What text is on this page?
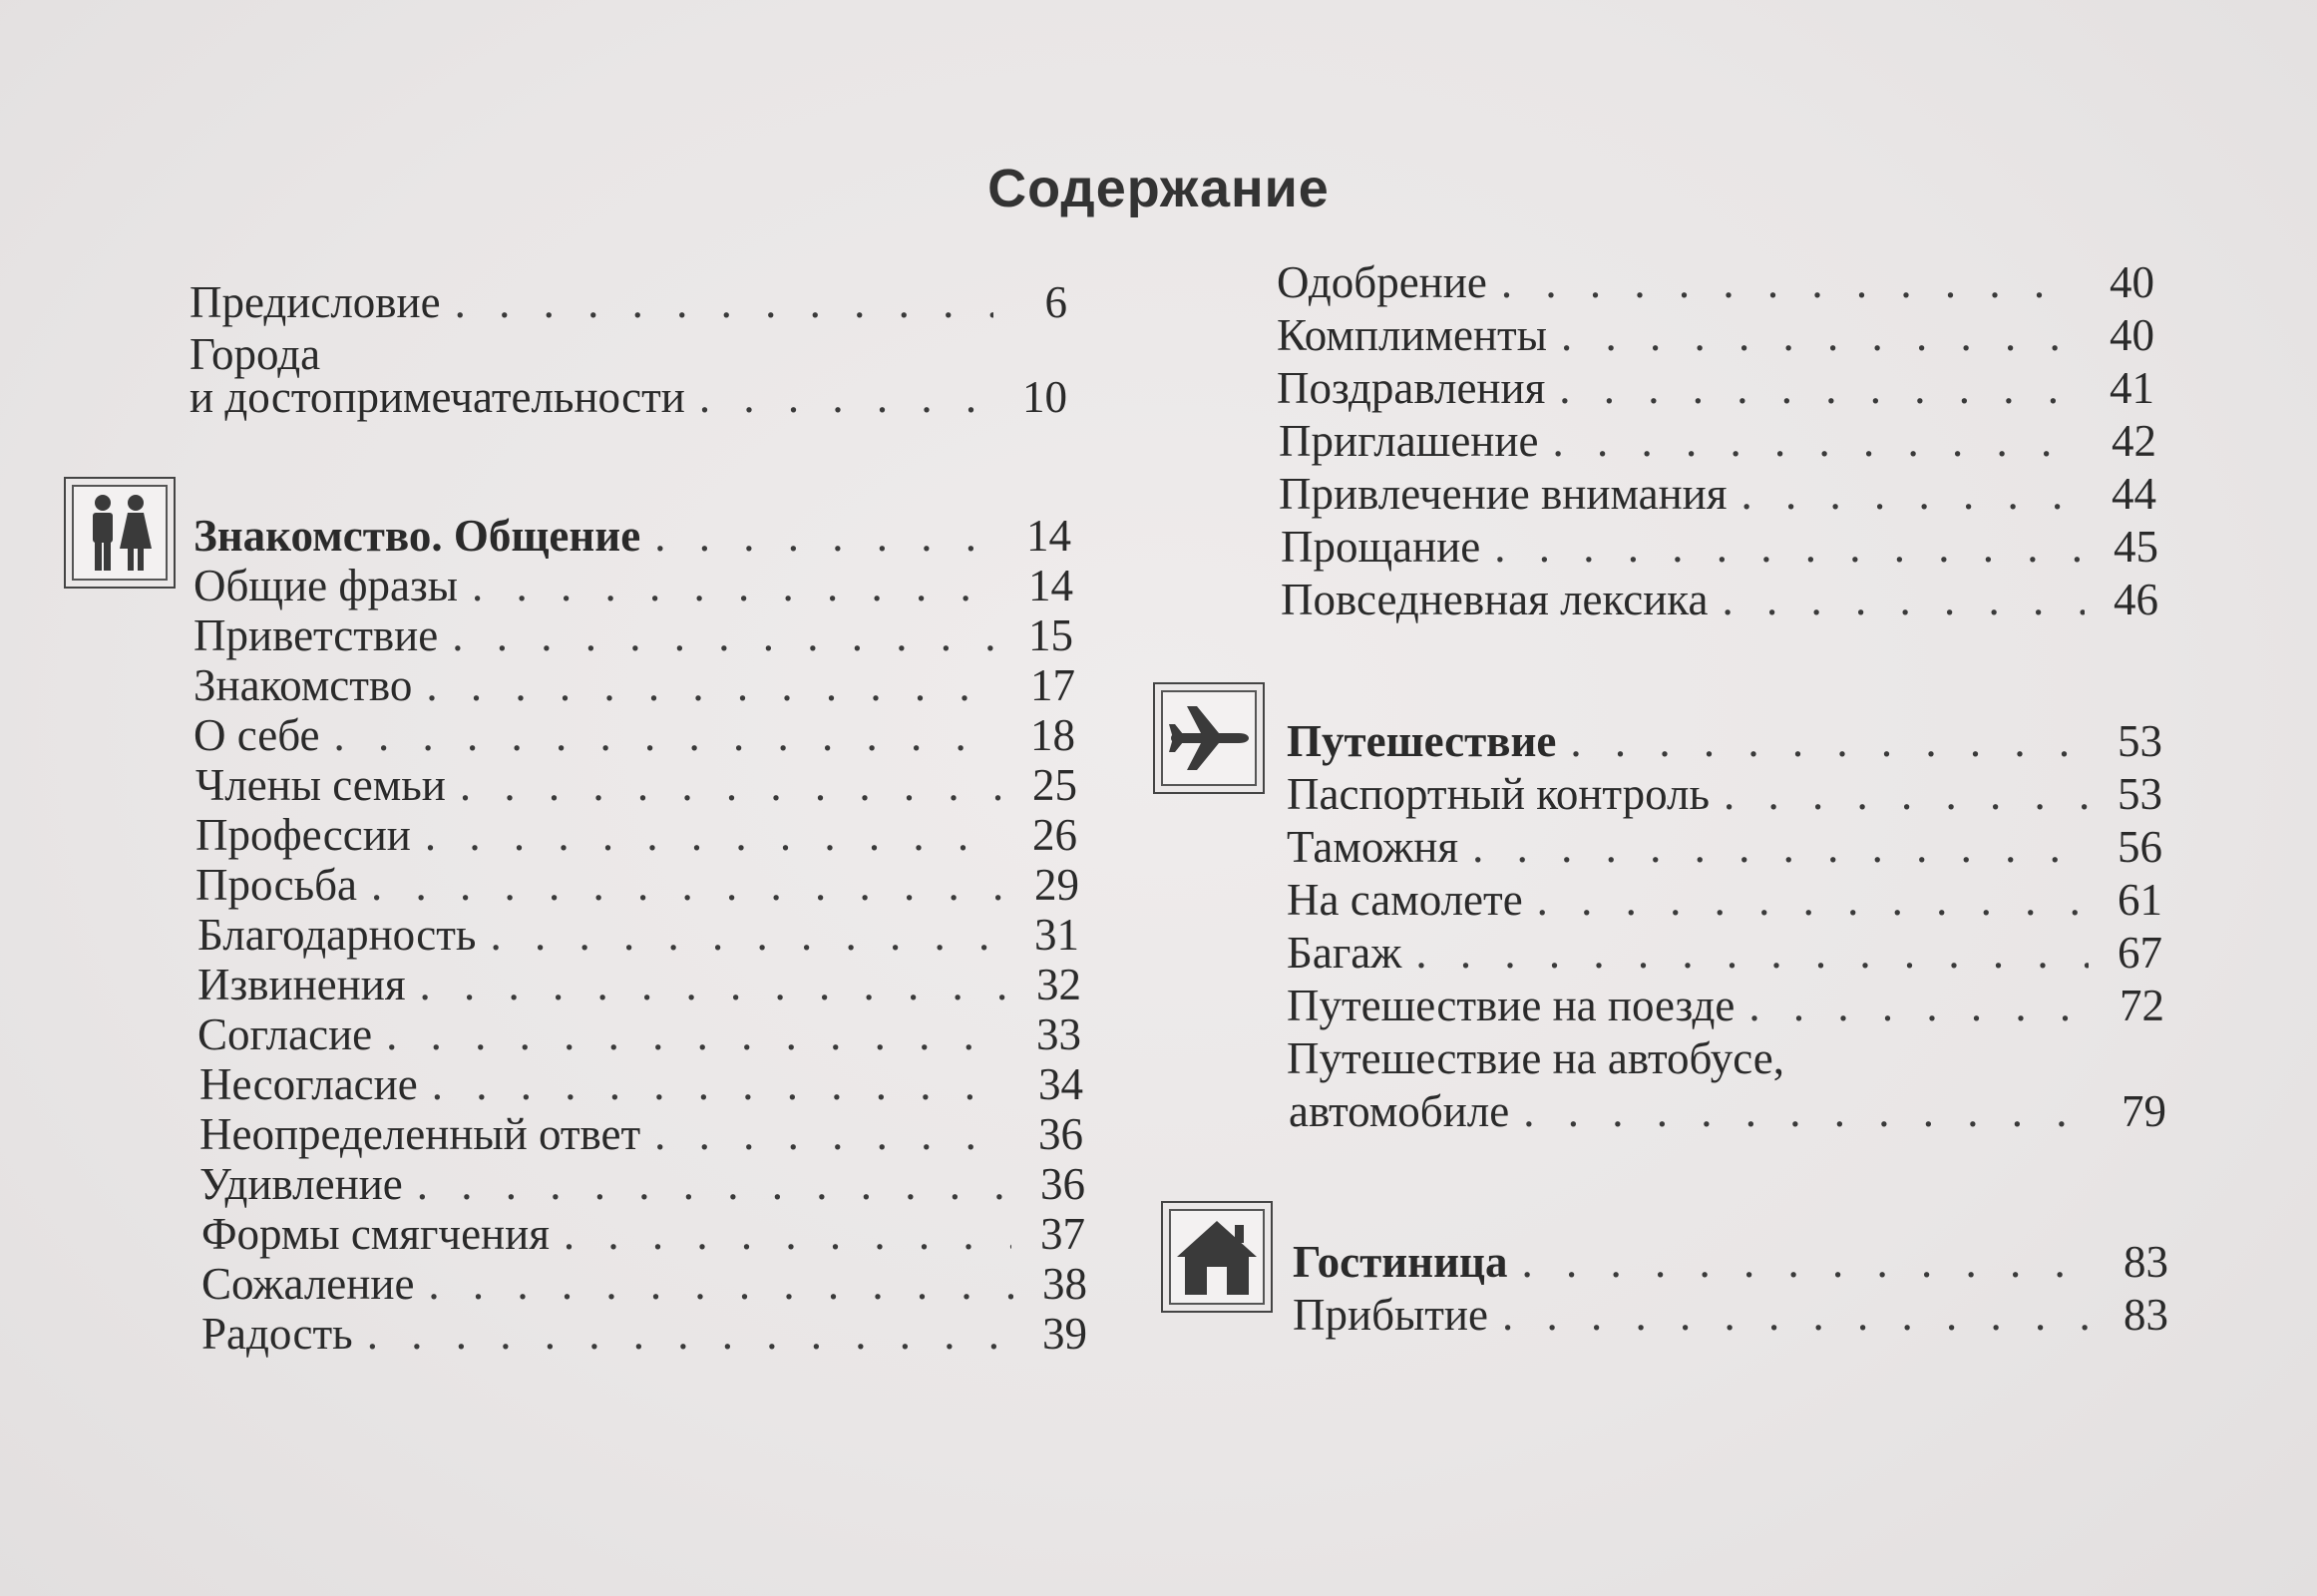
Содержание
Предисловие . . .	6
Города
и достопримечательности . . .	10
Знакомство. Общение . . .	14
Общие фразы . . .	14
Приветствие . . .	15
Знакомство . . .	17
О себе . . .	18
Члены семьи . . .	25
Профессии . . .	26
Просьба . . .	29
Благодарность . . .	31
Извинения . . .	32
Согласие . . .	33
Несогласие . . .	34
Неопределенный ответ . . .	36
Удивление . . .	36
Формы смягчения . . .	37
Сожаление . . .	38
Радость . . .	39
Одобрение . . .	40
Комплименты . . .	40
Поздравления . . .	41
Приглашение . . .	42
Привлечение внимания . . .	44
Прощание . . .	45
Повседневная лексика . . .	46
Путешествие . . .	53
Паспортный контроль . . .	53
Таможня . . .	56
На самолете . . .	61
Багаж . . .	67
Путешествие на поезде . . .	72
Путешествие на автобусе,
автомобиле . . .	79
Гостиница . . .	83
Прибытие . . .	83
